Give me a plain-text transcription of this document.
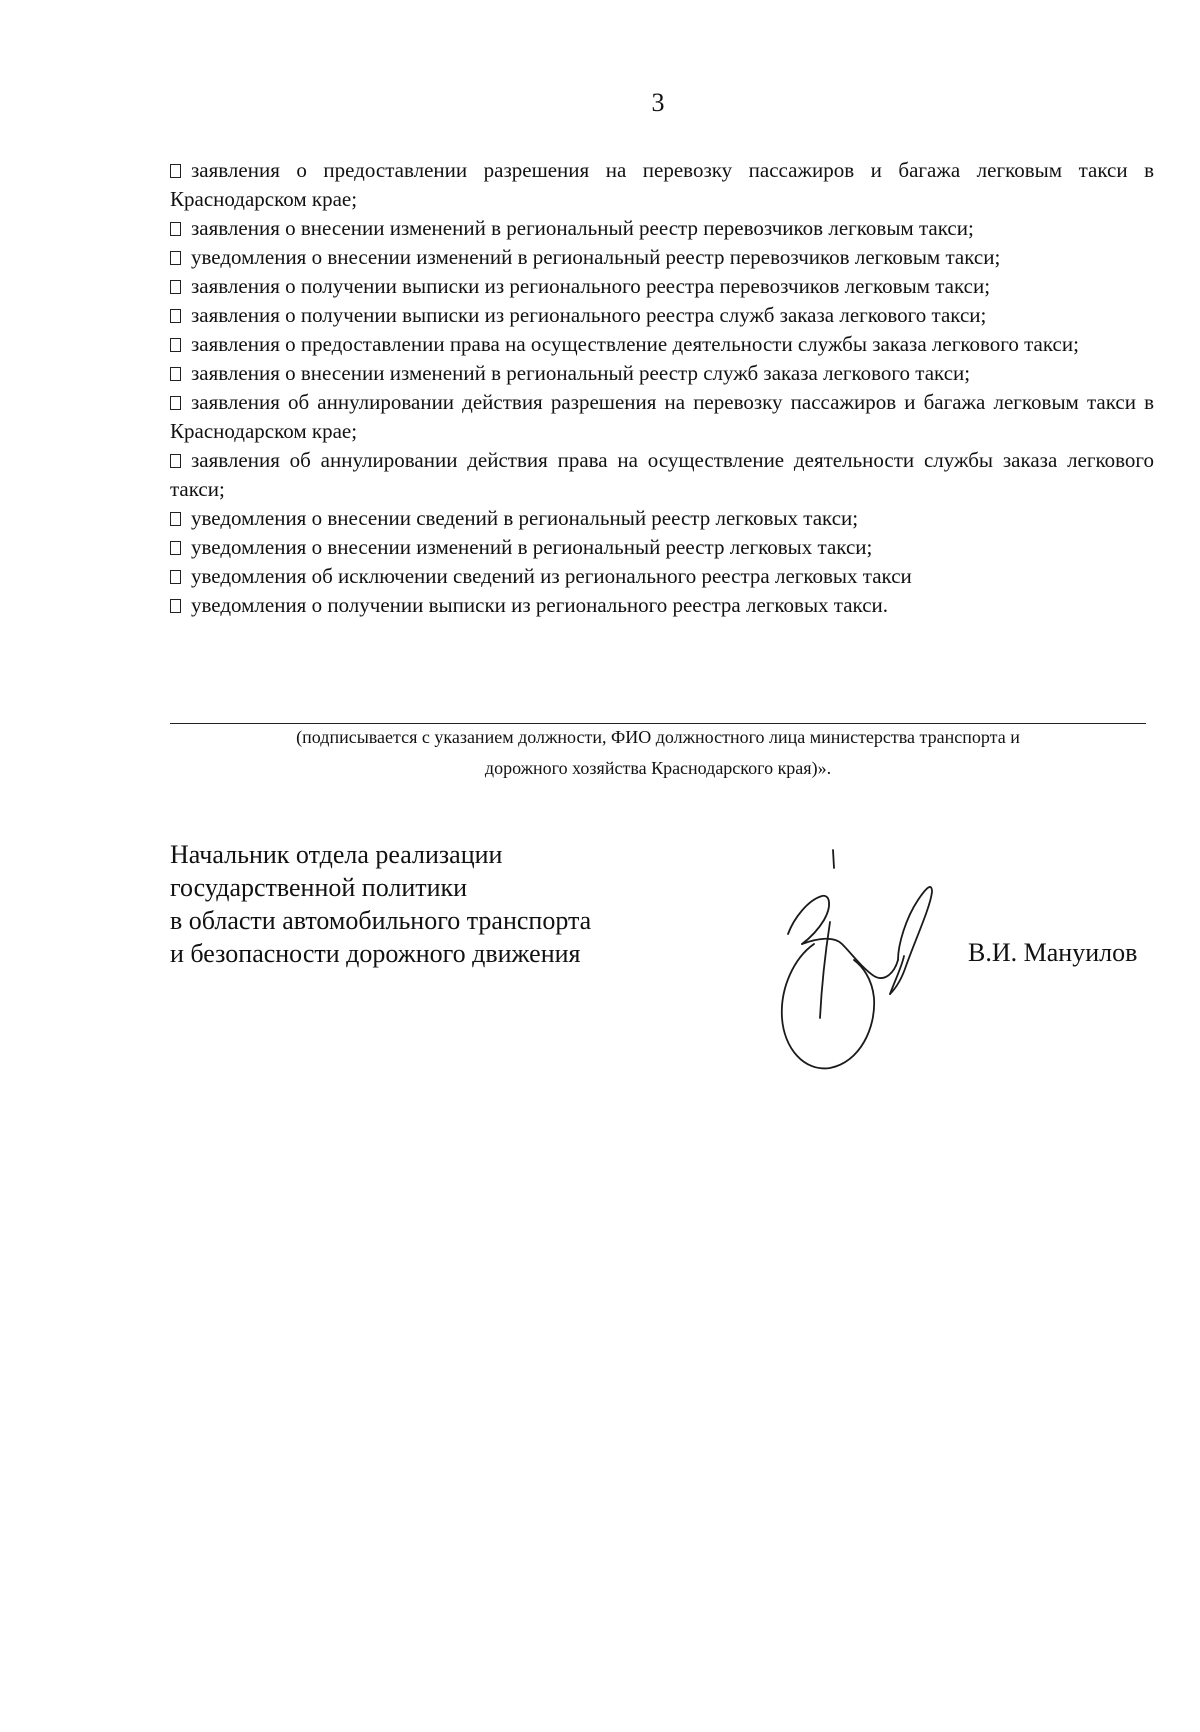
3

заявления о предоставлении разрешения на перевозку пассажиров и багажа легковым такси в Краснодарском крае;

заявления о внесении изменений в региональный реестр перевозчиков легковым такси;

уведомления о внесении изменений в региональный реестр перевозчиков легковым такси;

заявления о получении выписки из регионального реестра перевозчиков легковым такси;

заявления о получении выписки из регионального реестра служб заказа легкового такси;

заявления о предоставлении права на осуществление деятельности службы заказа легкового такси;

заявления о внесении изменений в региональный реестр служб заказа легкового такси;

заявления об аннулировании действия разрешения на перевозку пассажиров и багажа легковым такси в Краснодарском крае;

заявления об аннулировании действия права на осуществление деятельности службы заказа легкового такси;

уведомления о внесении сведений в региональный реестр легковых такси;

уведомления о внесении изменений в региональный реестр легковых такси;

уведомления об исключении сведений из регионального реестра легковых такси

уведомления о получении выписки из регионального реестра легковых такси.

(подписывается с указанием должности, ФИО должностного лица министерства транспорта и
дорожного хозяйства Краснодарского края)».
Начальник отдела реализации
государственной политики
в области автомобильного транспорта
и безопасности дорожного движения	В.И. Мануилов
